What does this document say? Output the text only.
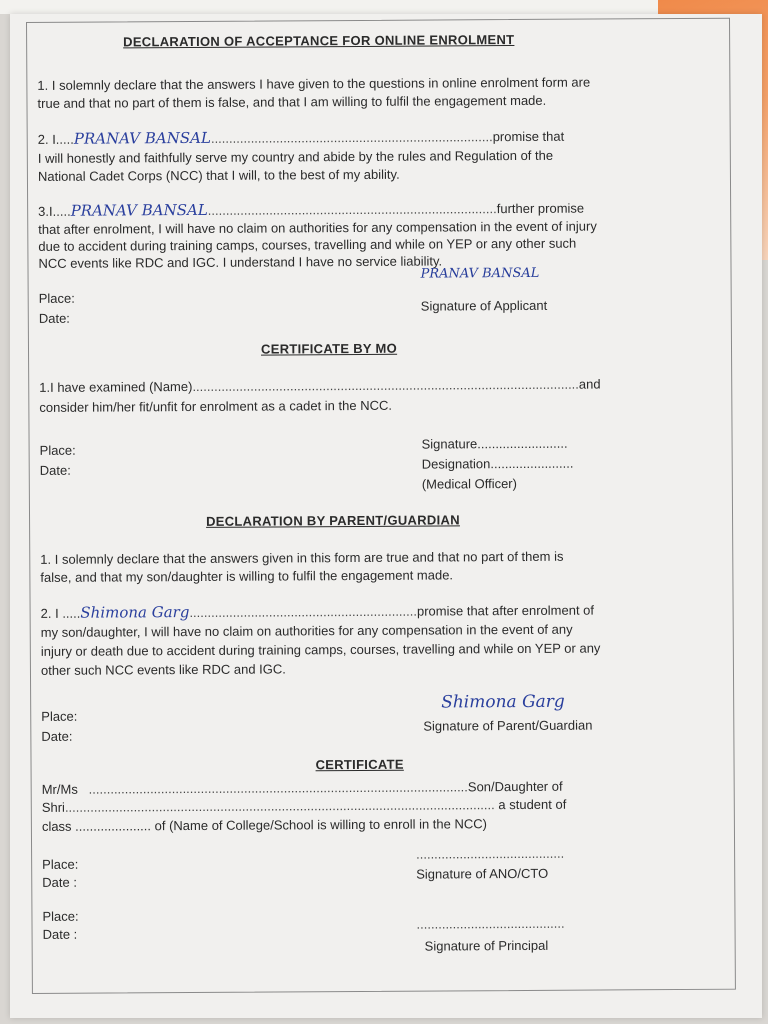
DECLARATION OF ACCEPTANCE FOR ONLINE ENROLMENT
1. I solemnly declare that the answers I have given to the questions in online enrolment form are
true and that no part of them is false, and that I am willing to fulfil the engagement made.
2. I.....PRANAV BANSAL..............................................................................promise that
I will honestly and faithfully serve my country and abide by the rules and Regulation of the
National Cadet Corps (NCC) that I will, to the best of my ability.
3.I.....PRANAV BANSAL................................................................................further promise
that after enrolment, I will have no claim on authorities for any compensation in the event of injury
due to accident during training camps, courses, travelling and while on YEP or any other such
NCC events like RDC and IGC. I understand I have no service liability.
Place:
Date:
PRANAV BANSAL
Signature of Applicant
CERTIFICATE BY MO
1.I have examined (Name)...........................................................................................................and
consider him/her fit/unfit for enrolment as a cadet in the NCC.
Place:
Date:
Signature.........................
Designation.......................
(Medical Officer)
DECLARATION BY PARENT/GUARDIAN
1. I solemnly declare that the answers given in this form are true and that no part of them is
false, and that my son/daughter is willing to fulfil the engagement made.
2. I .....Shimona Garg...............................................................promise that after enrolment of
my son/daughter, I will have no claim on authorities for any compensation in the event of any
injury or death due to accident during training camps, courses, travelling and while on YEP or any
other such NCC events like RDC and IGC.
Place:
Date:
Shimona Garg
Signature of Parent/Guardian
CERTIFICATE
Mr/Ms .........................................................................................................Son/Daughter of
Shri....................................................................................................................... a student of
class ..................... of (Name of College/School is willing to enroll in the NCC)
Place:
Date :
.........................................
Signature of ANO/CTO
Place:
Date :
.........................................
Signature of Principal
